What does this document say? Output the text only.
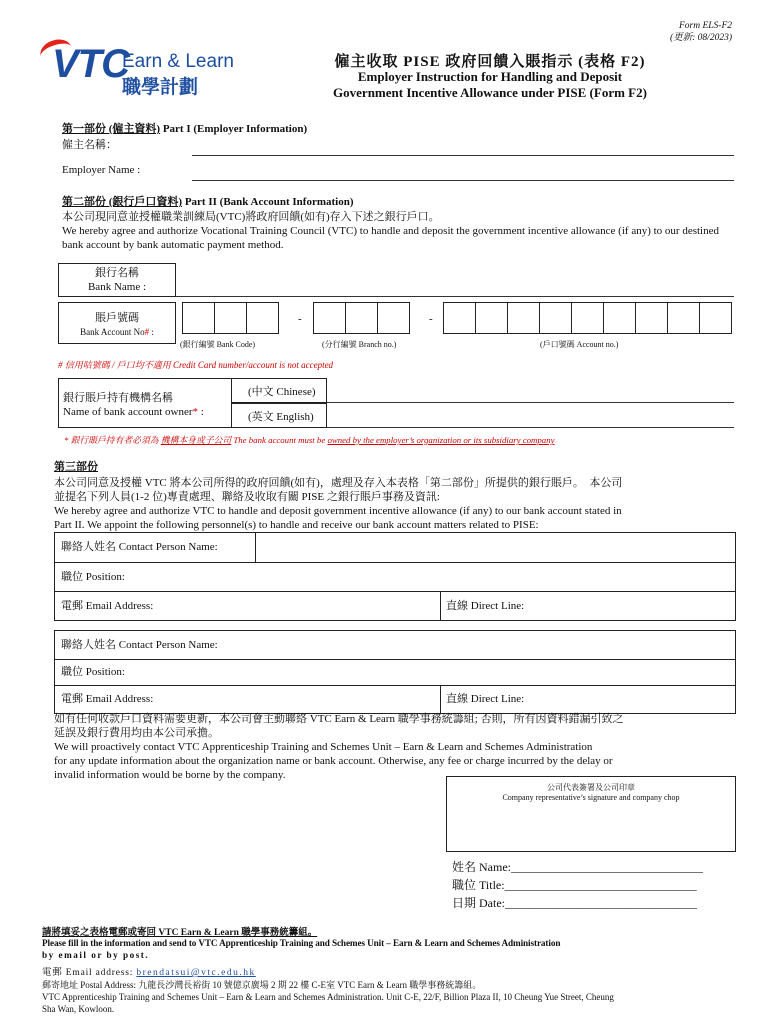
VTC
Earn & Learn
職學計劃
Form ELS-F2
(更新: 08/2023)
僱主收取 PISE 政府回饋入賬指示 (表格 F2)
Employer Instruction for Handling and Deposit
Government Incentive Allowance under PISE (Form F2)
第一部份 (僱主資料) Part I (Employer Information)
僱主名稱：
Employer Name :
第二部份 (銀行戶口資料) Part II (Bank Account Information)
本公司現同意並授權職業訓練局(VTC)將政府回饋(如有)存入下述之銀行戶口。
We hereby agree and authorize Vocational Training Council (VTC) to handle and deposit the government incentive allowance (if any) to our destined bank account by bank automatic payment method.
銀行名稱
Bank Name :
賬戶號碼
Bank Account No# :
-	-
(銀行編號 Bank Code)	(分行編號 Branch no.)	(戶口號碼 Account no.)
# 信用咭號碼 / 戶口均不適用 Credit Card number/account is not accepted
銀行賬戶持有機構名稱
Name of bank account owner* :
(中文 Chinese)
(英文 English)
* 銀行賬戶持有者必須為 機構本身或子公司 The bank account must be owned by the employer’s organization or its subsidiary company
第三部份
本公司同意及授權 VTC 將本公司所得的政府回饋(如有)，處理及存入本表格「第二部份」所提供的銀行賬戶。　本公司
並提名下列人員(1-2 位)專責處理、聯絡及收取有關 PISE 之銀行賬戶事務及資訊:
We hereby agree and authorize VTC to handle and deposit government incentive allowance (if any) to our bank account stated in
Part II. We appoint the following personnel(s) to handle and receive our bank account matters related to PISE:
聯絡人姓名 Contact Person Name:
職位 Position:
電郵 Email Address:	直線 Direct Line:
聯絡人姓名 Contact Person Name:
職位 Position:
電郵 Email Address:	直線 Direct Line:
如有任何收款戶口資料需要更新，本公司會主動聯絡 VTC Earn & Learn 職學事務統籌組; 否則，所有因資料錯漏引致之
延誤及銀行費用均由本公司承擔。
We will proactively contact VTC Apprenticeship Training and Schemes Unit – Earn & Learn and Schemes Administration
for any update information about the organization name or bank account. Otherwise, any fee or charge incurred by the delay or
invalid information would be borne by the company.
公司代表簽署及公司印章
Company representative’s signature and company chop
姓名 Name:________________________________
職位 Title:________________________________
日期 Date:________________________________
請將填妥之表格電郵或寄回 VTC Earn & Learn 職學事務統籌組。
Please fill in the information and send to VTC Apprenticeship Training and Schemes Unit – Earn & Learn and Schemes Administration
by email or by post.
電郵 Email address: brendatsui@vtc.edu.hk
郵寄地址 Postal Address: 九龍長沙灣長裕街 10 號億京廣場 2 期 22 樓 C-E室 VTC Earn & Learn 職學事務統籌組。
VTC Apprenticeship Training and Schemes Unit – Earn & Learn and Schemes Administration. Unit C-E, 22/F, Billion Plaza II, 10 Cheung Yue Street, Cheung
Sha Wan, Kowloon.
